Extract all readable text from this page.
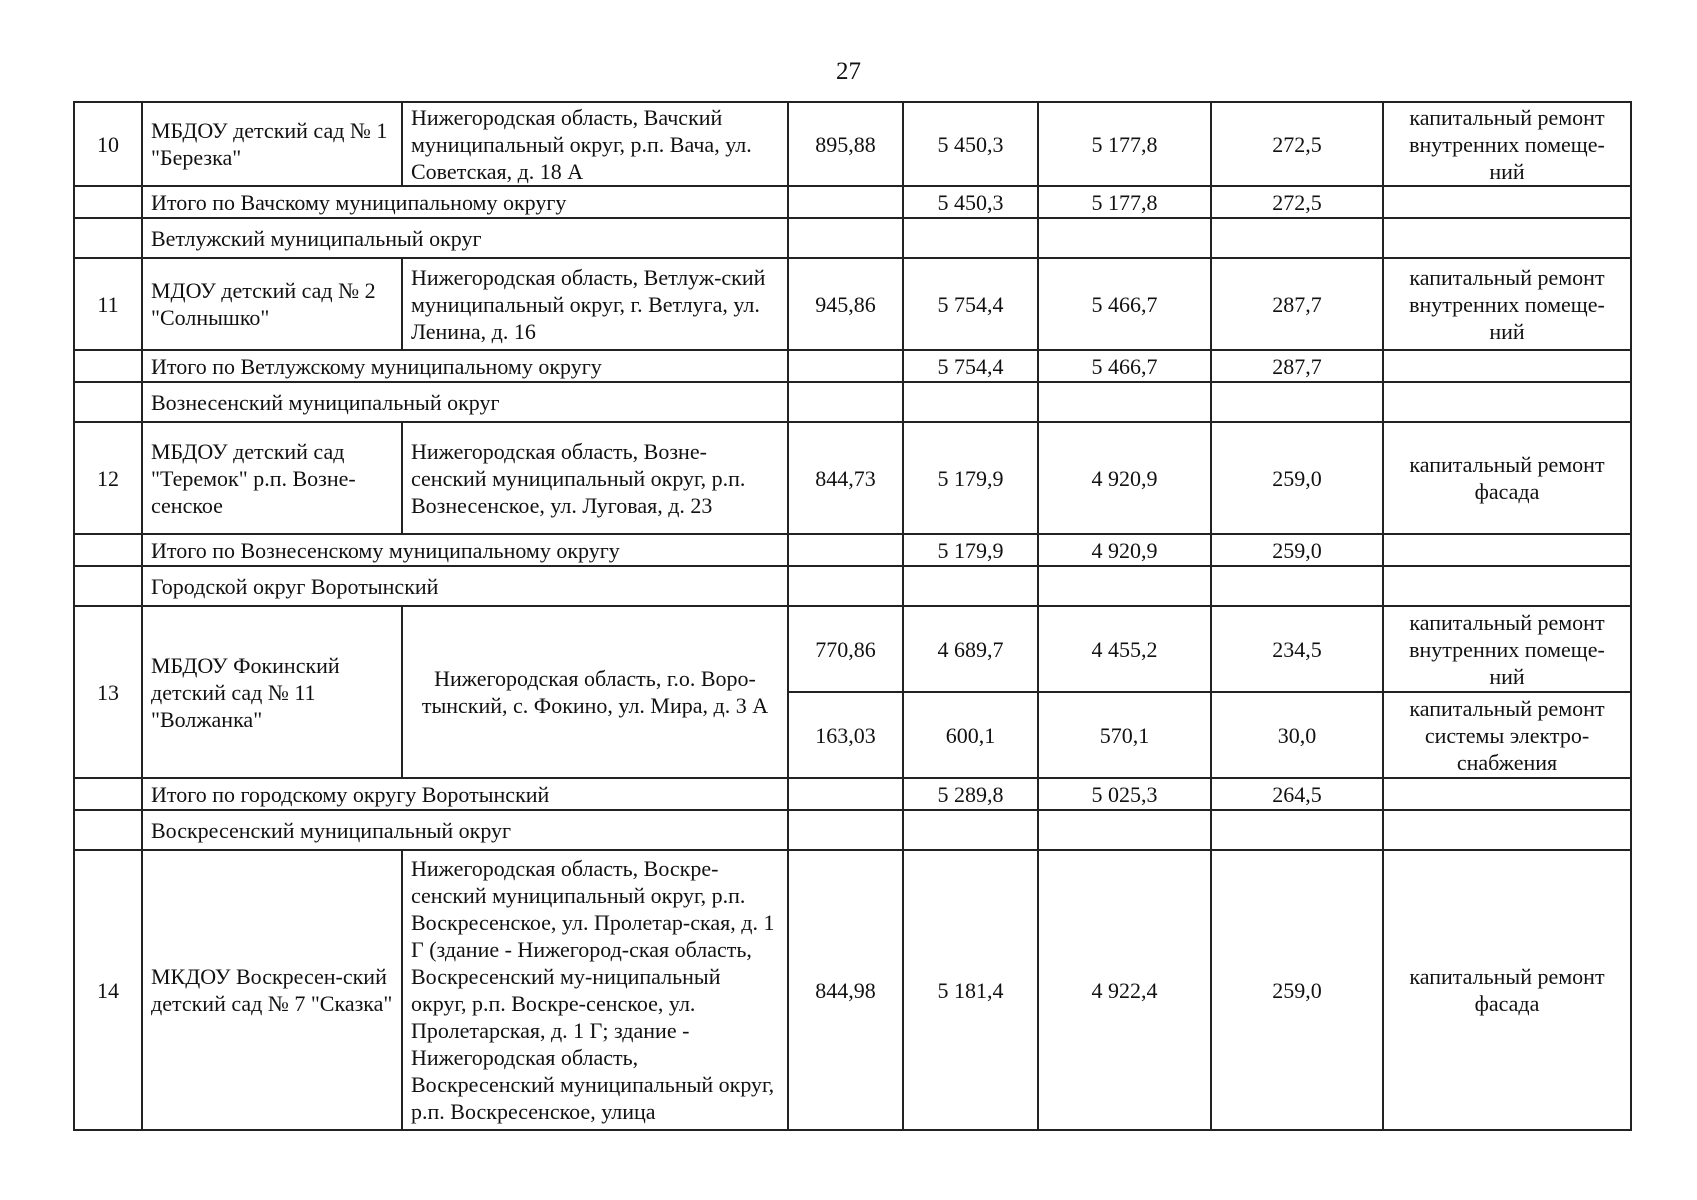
27
10	МБДОУ детский сад № 1 "Березка"	Нижегородская область, Вачский муниципальный округ, р.п. Вача, ул. Советская, д. 18 А	895,88	5 450,3	5 177,8	272,5	капитальный ремонт внутренних помеще-ний
	Итого по Вачскому муниципальному округу			5 450,3	5 177,8	272,5	
	Ветлужский муниципальный округ						
11	МДОУ детский сад № 2 "Солнышко"	Нижегородская область, Ветлуж-ский муниципальный округ, г. Ветлуга, ул. Ленина, д. 16	945,86	5 754,4	5 466,7	287,7	капитальный ремонт внутренних помеще-ний
	Итого по Ветлужскому муниципальному округу			5 754,4	5 466,7	287,7	
	Вознесенский муниципальный округ						
12	МБДОУ детский сад "Теремок" р.п. Возне-сенское	Нижегородская область, Возне-сенский муниципальный округ, р.п. Вознесенское, ул. Луговая, д. 23	844,73	5 179,9	4 920,9	259,0	капитальный ремонт фасада
	Итого по Вознесенскому муниципальному округу			5 179,9	4 920,9	259,0	
	Городской округ Воротынский						
13	МБДОУ Фокинский детский сад № 11 "Волжанка"	Нижегородская область, г.о. Воро-тынский, с. Фокино, ул. Мира, д. 3 А	770,86	4 689,7	4 455,2	234,5	капитальный ремонт внутренних помеще-ний
			163,03	600,1	570,1	30,0	капитальный ремонт системы электро-снабжения
	Итого по городскому округу Воротынский			5 289,8	5 025,3	264,5	
	Воскресенский муниципальный округ						
14	МКДОУ Воскресен-ский детский сад № 7 "Сказка"	Нижегородская область, Воскре-сенский муниципальный округ, р.п. Воскресенское, ул. Пролетар-ская, д. 1 Г (здание - Нижегород-ская область, Воскресенский му-ниципальный округ, р.п. Воскре-сенское, ул. Пролетарская, д. 1 Г; здание - Нижегородская область, Воскресенский муниципальный округ, р.п. Воскресенское, улица	844,98	5 181,4	4 922,4	259,0	капитальный ремонт фасада
